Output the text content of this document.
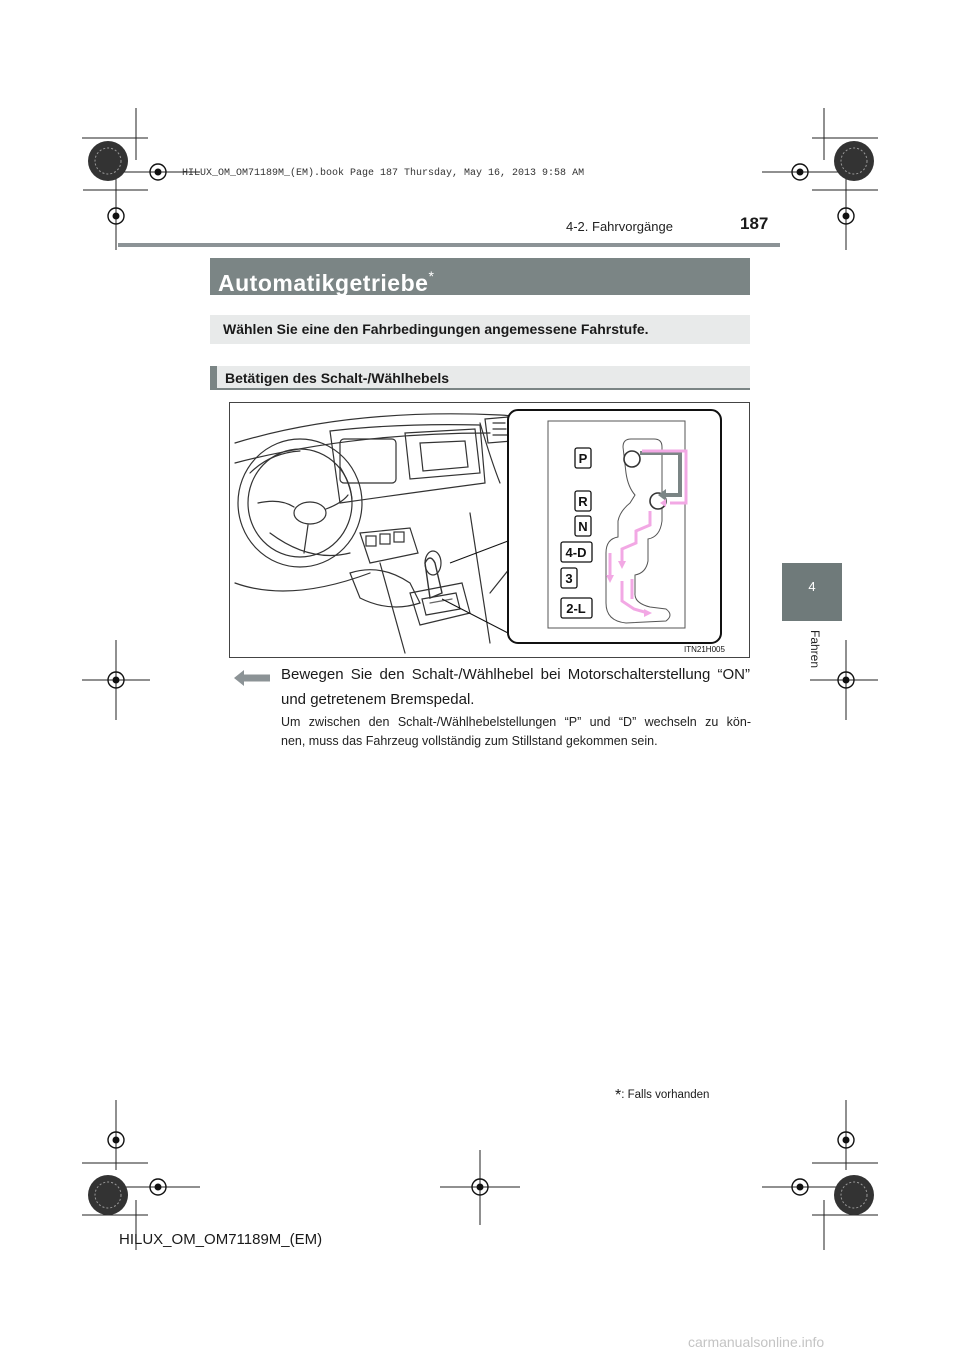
HILUX_OM_OM71189M_(EM).book Page 187 Thursday, May 16, 2013 9:58 AM
4-2. Fahrvorgänge	187
4
Fahren
Automatikgetriebe*
Wählen Sie eine den Fahrbedingungen angemessene Fahrstufe.
Betätigen des Schalt-/Wählhebels
P
R
N
4-D
3
2-L
ITN21H005
Bewegen Sie den Schalt-/Wählhebel bei Motorschalterstellung “ON”
und getretenem Bremspedal.
Um zwischen den Schalt-/Wählhebelstellungen “P” und “D” wechseln zu kön-
nen, muss das Fahrzeug vollständig zum Stillstand gekommen sein.
*: Falls vorhanden
HILUX_OM_OM71189M_(EM)
carmanualsonline.info
